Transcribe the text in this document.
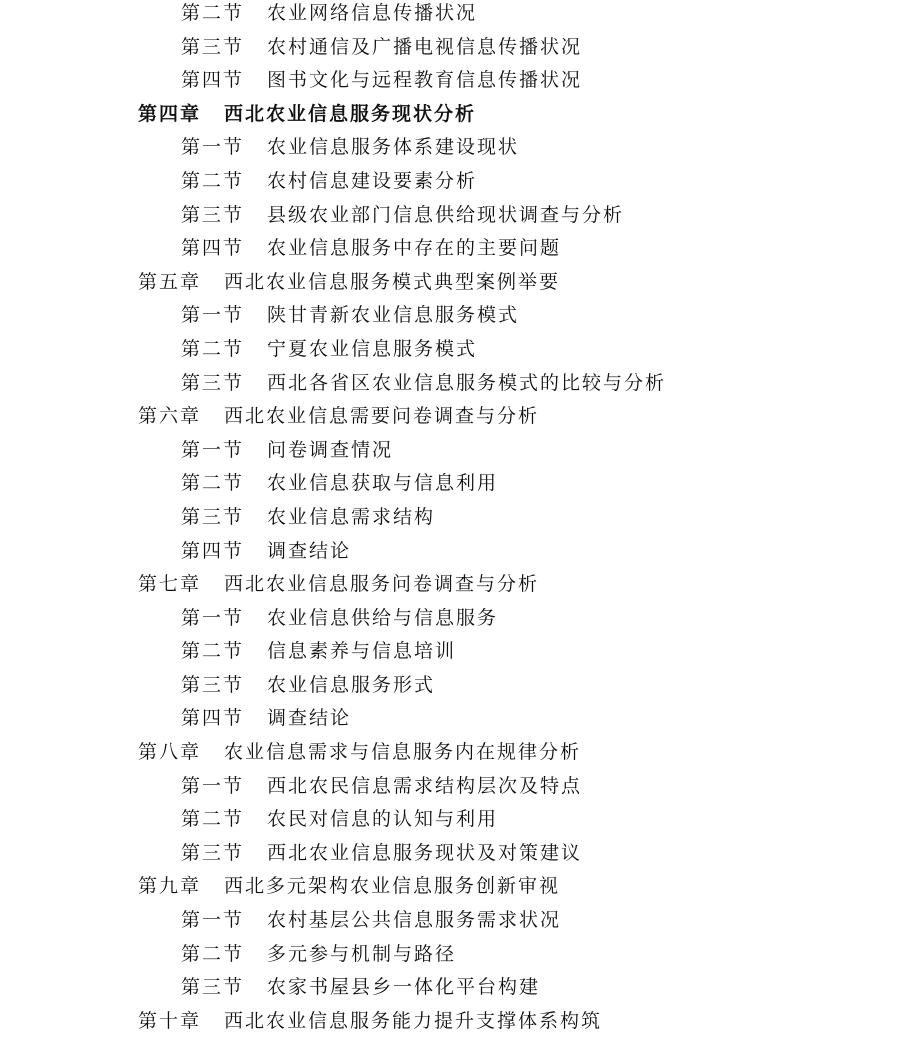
第二节 农业网络信息传播状况
第三节 农村通信及广播电视信息传播状况
第四节 图书文化与远程教育信息传播状况
第四章 西北农业信息服务现状分析
第一节 农业信息服务体系建设现状
第二节 农村信息建设要素分析
第三节 县级农业部门信息供给现状调查与分析
第四节 农业信息服务中存在的主要问题
第五章 西北农业信息服务模式典型案例举要
第一节 陕甘青新农业信息服务模式
第二节 宁夏农业信息服务模式
第三节 西北各省区农业信息服务模式的比较与分析
第六章 西北农业信息需要问卷调查与分析
第一节 问卷调查情况
第二节 农业信息获取与信息利用
第三节 农业信息需求结构
第四节 调查结论
第七章 西北农业信息服务问卷调查与分析
第一节 农业信息供给与信息服务
第二节 信息素养与信息培训
第三节 农业信息服务形式
第四节 调查结论
第八章 农业信息需求与信息服务内在规律分析
第一节 西北农民信息需求结构层次及特点
第二节 农民对信息的认知与利用
第三节 西北农业信息服务现状及对策建议
第九章 西北多元架构农业信息服务创新审视
第一节 农村基层公共信息服务需求状况
第二节 多元参与机制与路径
第三节 农家书屋县乡一体化平台构建
第十章 西北农业信息服务能力提升支撑体系构筑
